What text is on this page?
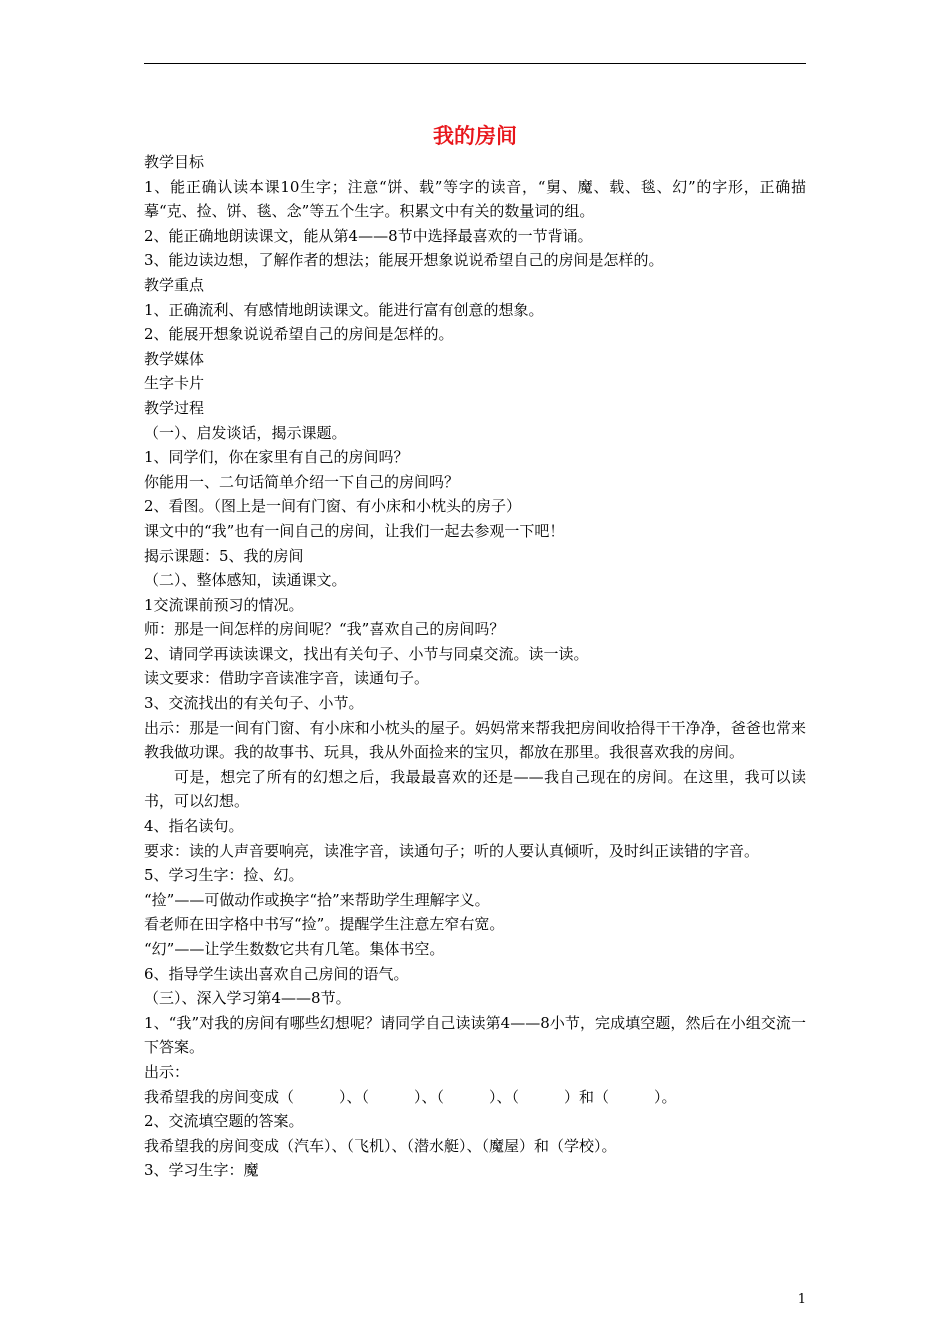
我的房间

教学目标

1、能正确认读本课10生字；注意“饼、载”等字的读音，“舅、魔、载、毯、幻”的字形，正确描摹“克、捡、饼、毯、念”等五个生字。积累文中有关的数量词的组。

2、能正确地朗读课文，能从第4——8节中选择最喜欢的一节背诵。

3、能边读边想，了解作者的想法；能展开想象说说希望自己的房间是怎样的。

教学重点

1、正确流利、有感情地朗读课文。能进行富有创意的想象。

2、能展开想象说说希望自己的房间是怎样的。

教学媒体

生字卡片

教学过程

（一）、启发谈话，揭示课题。

1、同学们，你在家里有自己的房间吗？

你能用一、二句话简单介绍一下自己的房间吗？

2、看图。（图上是一间有门窗、有小床和小枕头的房子）

课文中的“我”也有一间自己的房间，让我们一起去参观一下吧！

揭示课题：5、我的房间

（二）、整体感知，读通课文。

1交流课前预习的情况。

师：那是一间怎样的房间呢？“我”喜欢自己的房间吗？

2、请同学再读读课文，找出有关句子、小节与同桌交流。读一读。

读文要求：借助字音读准字音，读通句子。

3、交流找出的有关句子、小节。

出示：那是一间有门窗、有小床和小枕头的屋子。妈妈常来帮我把房间收拾得干干净净，爸爸也常来教我做功课。我的故事书、玩具，我从外面捡来的宝贝，都放在那里。我很喜欢我的房间。

可是，想完了所有的幻想之后，我最最喜欢的还是——我自己现在的房间。在这里，我可以读书，可以幻想。

4、指名读句。

要求：读的人声音要响亮，读准字音，读通句子；听的人要认真倾听，及时纠正读错的字音。

5、学习生字：捡、幻。

“捡”——可做动作或换字“拾”来帮助学生理解字义。

看老师在田字格中书写“捡”。提醒学生注意左窄右宽。

“幻”——让学生数数它共有几笔。集体书空。

6、指导学生读出喜欢自己房间的语气。

（三）、深入学习第4——8节。

1、“我”对我的房间有哪些幻想呢？请同学自己读读第4——8小节，完成填空题，然后在小组交流一下答案。

出示：

我希望我的房间变成（　　　）、（　　　）、（　　　）、（　　　）和（　　　）。

2、交流填空题的答案。

我希望我的房间变成（汽车）、（飞机）、（潜水艇）、（魔屋）和（学校）。

3、学习生字：魔

1
